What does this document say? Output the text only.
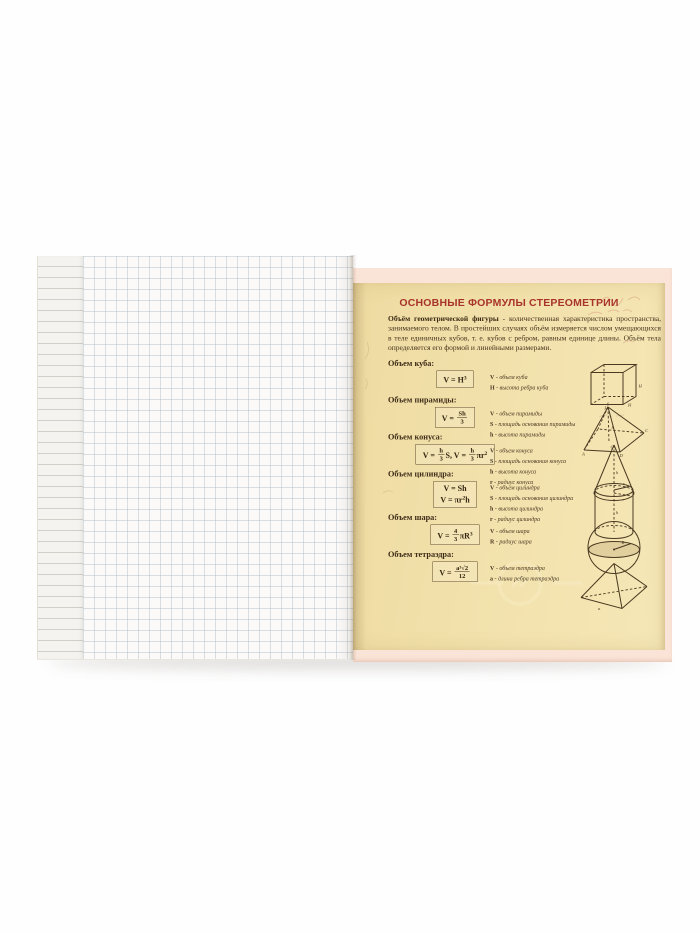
ОСНОВНЫЕ ФОРМУЛЫ СТЕРЕОМЕТРИИ

Объём геометрической фигуры - количественная характеристика пространства, занимаемого телом. В простейших случаях объём измеряется числом умещающихся в теле единичных кубов, т. е. кубов с ребром, равным единице длины. Объём тела определяется его формой и линейными размерами.

Объем куба:
$V = H^3$ V - объем куба
H - высота ребра куба
H
H
H
Объем пирамиды:
$V = \frac{Sh}{3}$ V - объем пирамиды
S - площадь основания пирамиды
h - высота пирамиды
S
A	D
C
O
h
Объем конуса:
$V = \frac{h}{3} S$, $V = \frac{h}{3} \pi r^2$ V - объем конуса
S - площадь основания конуса
h - высота конуса
r - радиус конуса
h
r
Объем цилиндра:
V = Sh
$V = \pi r^2h$
V - объем цилиндра
S - площадь основания цилиндра
h - высота цилиндра
r - радиус цилиндра
r
h
Объем шара:
$V = \frac{4}{3} \pi R^3$ V - объем шара
R - радиус шара	R
Объем тетраэдра:
$V = \frac{\text{a³√2}}{12}$ V - объем тетраэдра
a - длина ребра тетраэдра
a
